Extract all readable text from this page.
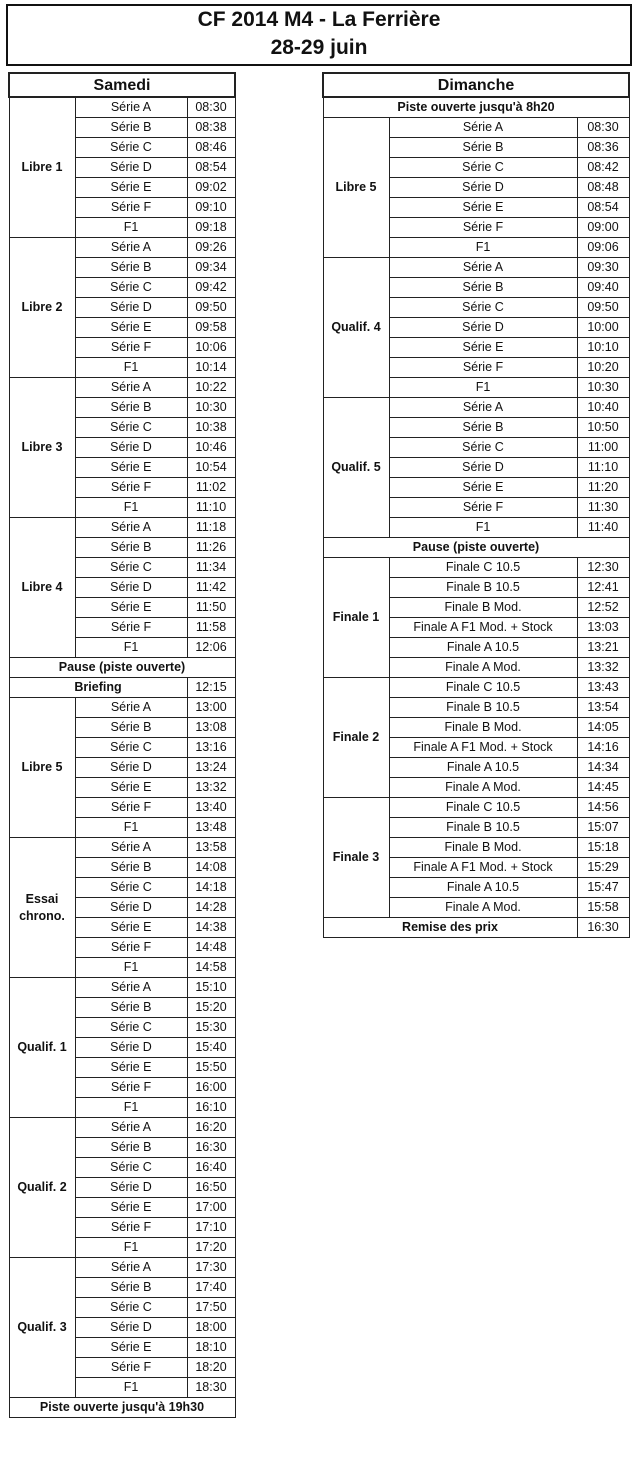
CF 2014 M4 - La Ferrière
28-29 juin
Samedi		
Libre 1	Série A	08:30
	Série B	08:38
	Série C	08:46
	Série D	08:54
	Série E	09:02
	Série F	09:10
	F1	09:18
Libre 2	Série A	09:26
	Série B	09:34
	Série C	09:42
	Série D	09:50
	Série E	09:58
	Série F	10:06
	F1	10:14
Libre 3	Série A	10:22
	Série B	10:30
	Série C	10:38
	Série D	10:46
	Série E	10:54
	Série F	11:02
	F1	11:10
Libre 4	Série A	11:18
	Série B	11:26
	Série C	11:34
	Série D	11:42
	Série E	11:50
	Série F	11:58
	F1	12:06
Pause (piste ouverte)		
Briefing		12:15
Libre 5	Série A	13:00
	Série B	13:08
	Série C	13:16
	Série D	13:24
	Série E	13:32
	Série F	13:40
	F1	13:48
Essai chrono.	Série A	13:58
	Série B	14:08
	Série C	14:18
	Série D	14:28
	Série E	14:38
	Série F	14:48
	F1	14:58
Qualif. 1	Série A	15:10
	Série B	15:20
	Série C	15:30
	Série D	15:40
	Série E	15:50
	Série F	16:00
	F1	16:10
Qualif. 2	Série A	16:20
	Série B	16:30
	Série C	16:40
	Série D	16:50
	Série E	17:00
	Série F	17:10
	F1	17:20
Qualif. 3	Série A	17:30
	Série B	17:40
	Série C	17:50
	Série D	18:00
	Série E	18:10
	Série F	18:20
	F1	18:30
Piste ouverte jusqu'à 19h30		
Dimanche		
Piste ouverte jusqu'à 8h20		
Libre 5	Série A	08:30
	Série B	08:36
	Série C	08:42
	Série D	08:48
	Série E	08:54
	Série F	09:00
	F1	09:06
Qualif. 4	Série A	09:30
	Série B	09:40
	Série C	09:50
	Série D	10:00
	Série E	10:10
	Série F	10:20
	F1	10:30
Qualif. 5	Série A	10:40
	Série B	10:50
	Série C	11:00
	Série D	11:10
	Série E	11:20
	Série F	11:30
	F1	11:40
Pause (piste ouverte)		
Finale 1	Finale C 10.5	12:30
	Finale B 10.5	12:41
	Finale B Mod.	12:52
	Finale A F1 Mod. + Stock	13:03
	Finale A 10.5	13:21
	Finale A Mod.	13:32
Finale 2	Finale C 10.5	13:43
	Finale B 10.5	13:54
	Finale B Mod.	14:05
	Finale A F1 Mod. + Stock	14:16
	Finale A 10.5	14:34
	Finale A Mod.	14:45
Finale 3	Finale C 10.5	14:56
	Finale B 10.5	15:07
	Finale B Mod.	15:18
	Finale A F1 Mod. + Stock	15:29
	Finale A 10.5	15:47
	Finale A Mod.	15:58
Remise des prix		16:30
